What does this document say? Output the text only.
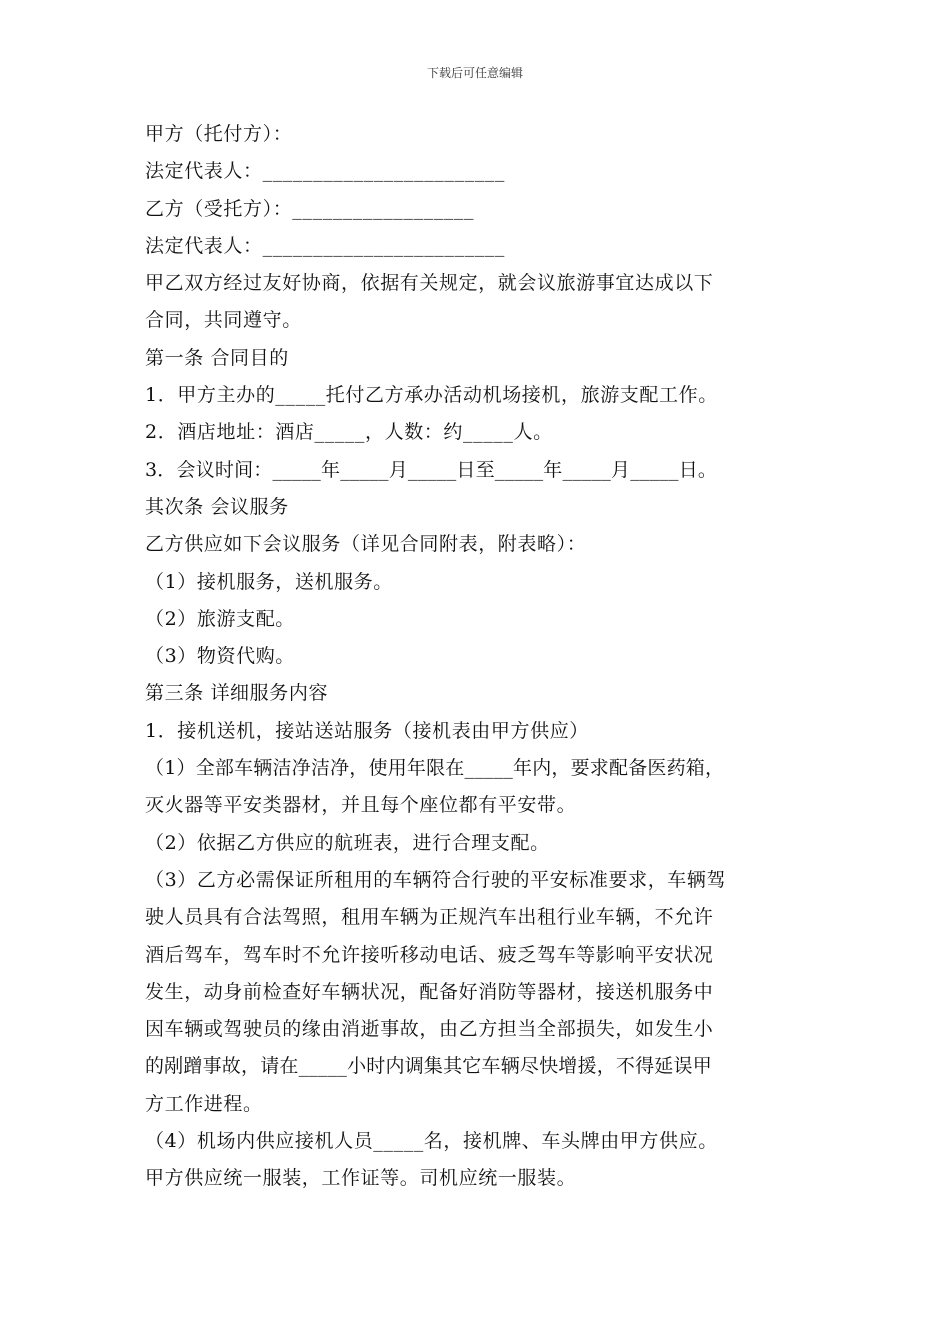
下载后可任意编辑
甲方（托付方）：
法定代表人：________________________
乙方（受托方）：__________________
法定代表人：________________________
甲乙双方经过友好协商，依据有关规定，就会议旅游事宜达成以下
合同，共同遵守。
第一条 合同目的
1．甲方主办的_____托付乙方承办活动机场接机，旅游支配工作。
2．酒店地址：酒店_____，人数：约_____人。
3．会议时间：_____年_____月_____日至_____年_____月_____日。
其次条 会议服务
乙方供应如下会议服务（详见合同附表，附表略）：
（1）接机服务，送机服务。
（2）旅游支配。
（3）物资代购。
第三条 详细服务内容
1．接机送机，接站送站服务（接机表由甲方供应）
（1）全部车辆洁净洁净，使用年限在_____年内，要求配备医药箱，
灭火器等平安类器材，并且每个座位都有平安带。
（2）依据乙方供应的航班表，进行合理支配。
（3）乙方必需保证所租用的车辆符合行驶的平安标准要求，车辆驾
驶人员具有合法驾照，租用车辆为正规汽车出租行业车辆，不允许
酒后驾车，驾车时不允许接听移动电话、疲乏驾车等影响平安状况
发生，动身前检查好车辆状况，配备好消防等器材，接送机服务中
因车辆或驾驶员的缘由消逝事故，由乙方担当全部损失，如发生小
的剐蹭事故，请在_____小时内调集其它车辆尽快增援，不得延误甲
方工作进程。
（4）机场内供应接机人员_____名，接机牌、车头牌由甲方供应。
甲方供应统一服装，工作证等。司机应统一服装。
